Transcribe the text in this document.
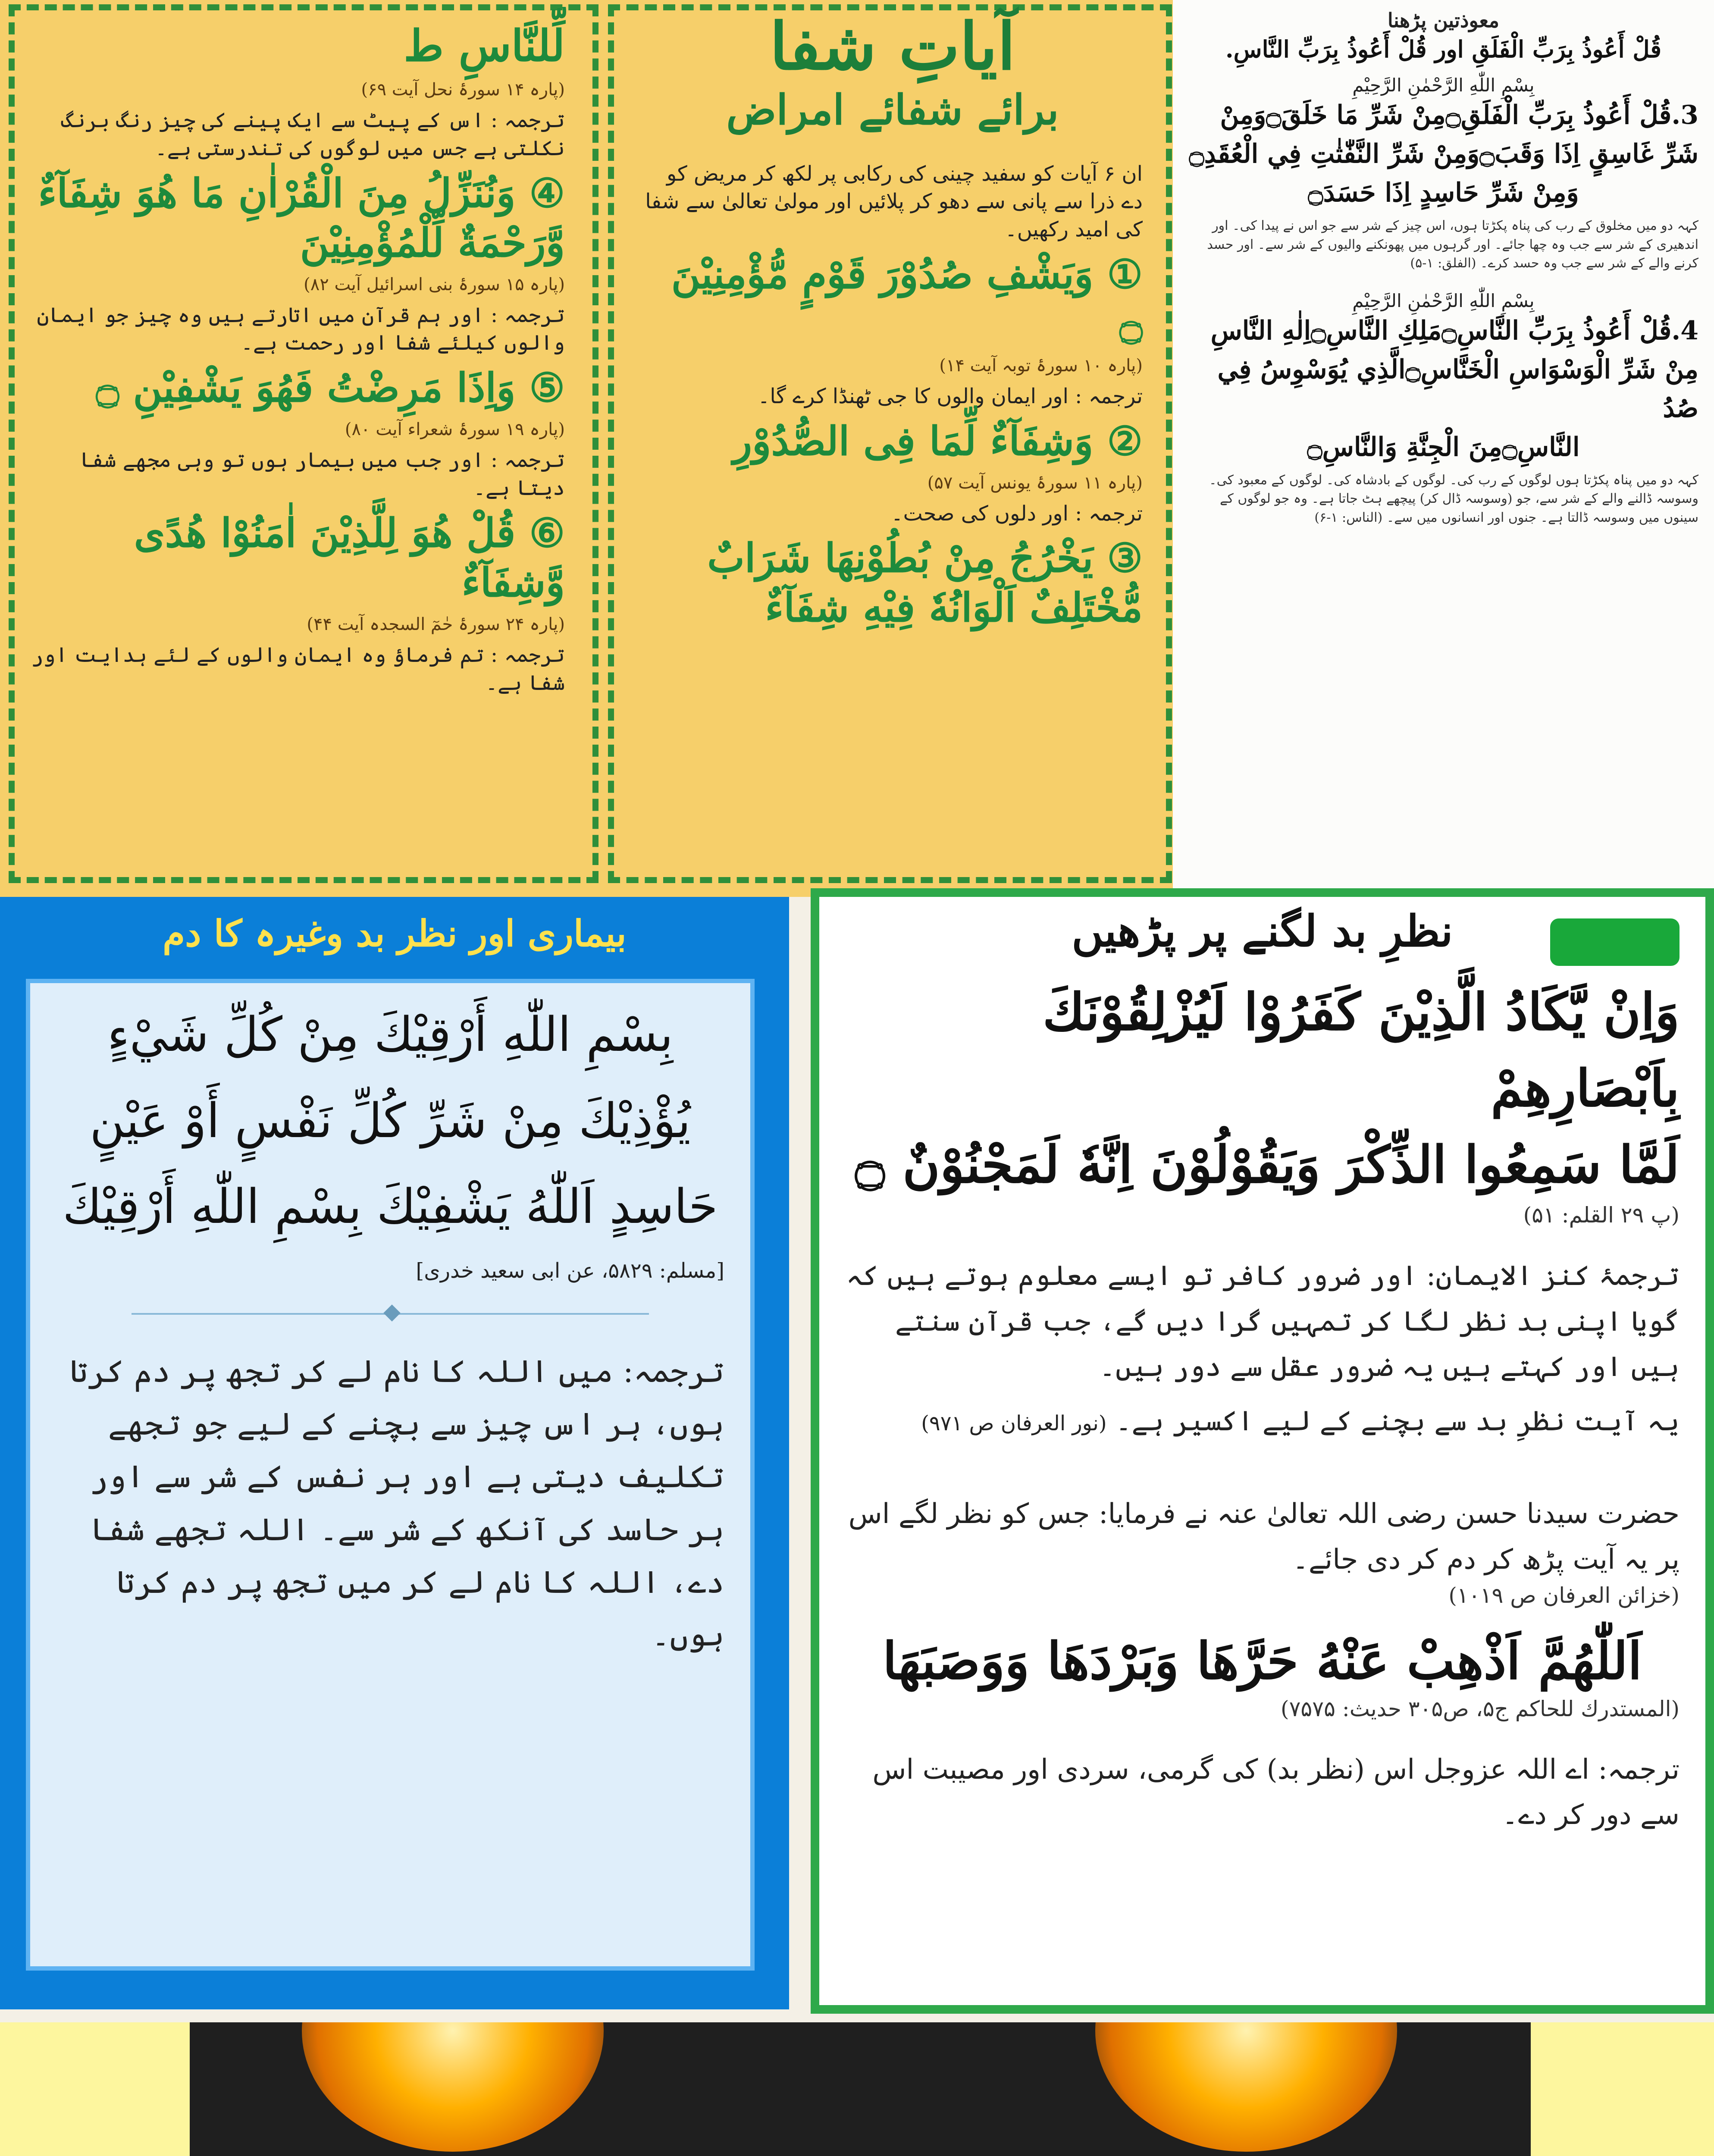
آیاتِ شفا
برائے شفائے امراض
ان ۶ آیات کو سفید چینی کی رکابی پر لکھ کر مریض کو دے ذرا سے پانی سے دھو کر پلائیں اور مولیٰ تعالیٰ سے شفا کی امید رکھیں۔
① وَیَشْفِ صُدُوْرَ قَوْمٍ مُّؤْمِنِیْنَ ۝
(پارہ ۱۰ سورۂ توبہ آیت ۱۴)
ترجمہ : اور ایمان والوں کا جی ٹھنڈا کرے گا۔
② وَشِفَآءٌ لِّمَا فِی الصُّدُوْرِ
(پارہ ۱۱ سورۂ یونس آیت ۵۷)
ترجمہ : اور دلوں کی صحت۔
③ یَخْرُجُ مِنْ بُطُوْنِهَا شَرَابٌ مُّخْتَلِفٌ اَلْوَانُهٗ فِیْهِ شِفَآءٌ
لِّلنَّاسِ ط
(پارہ ۱۴ سورۂ نحل آیت ۶۹)
ترجمہ : اس کے پیٹ سے ایک پینے کی چیز رنگ برنگ نکلتی ہے جس میں لوگوں کی تندرستی ہے۔
④ وَنُنَزِّلُ مِنَ الْقُرْاٰنِ مَا هُوَ شِفَآءٌ وَّرَحْمَةٌ لِّلْمُؤْمِنِیْنَ
(پارہ ۱۵ سورۂ بنی اسرائیل آیت ۸۲)
ترجمہ : اور ہم قرآن میں اتارتے ہیں وہ چیز جو ایمان والوں کیلئے شفا اور رحمت ہے۔
⑤ وَاِذَا مَرِضْتُ فَهُوَ یَشْفِیْنِ ۝
(پارہ ۱۹ سورۂ شعراء آیت ۸۰)
ترجمہ : اور جب میں بیمار ہوں تو وہی مجھے شفا دیتا ہے۔
⑥ قُلْ هُوَ لِلَّذِیْنَ اٰمَنُوْا هُدًی وَّشِفَآءٌ
(پارہ ۲۴ سورۂ حٰمٓ السجدہ آیت ۴۴)
ترجمہ : تم فرماؤ وہ ایمان والوں کے لئے ہدایت اور شفا ہے۔
معوذتین پڑھنا
قُلْ أَعُوذُ بِرَبِّ الْفَلَقِ اور قُلْ أَعُوذُ بِرَبِّ النَّاسِ.
بِسْمِ اللّٰهِ الرَّحْمٰنِ الرَّحِيْمِ
3.قُلْ أَعُوذُ بِرَبِّ الْفَلَقِ۝مِنْ شَرِّ مَا خَلَقَ۝وَمِنْ
شَرِّ غَاسِقٍ اِذَا وَقَبَ۝وَمِنْ شَرِّ النَّفّٰثٰتِ فِي الْعُقَدِ۝
وَمِنْ شَرِّ حَاسِدٍ اِذَا حَسَدَ۝
کہہ دو میں مخلوق کے رب کی پناہ پکڑتا ہوں، اس چیز کے شر سے جو اس نے پیدا کی۔ اور اندھیری کے شر سے جب وہ چھا جائے۔ اور گرہوں میں پھونکنے والیوں کے شر سے۔ اور حسد کرنے والے کے شر سے جب وہ حسد کرے۔ (الفلق: ۱-۵)
بِسْمِ اللّٰهِ الرَّحْمٰنِ الرَّحِيْمِ
4.قُلْ أَعُوذُ بِرَبِّ النَّاسِ۝مَلِكِ النَّاسِ۝اِلٰهِ النَّاسِ
مِنْ شَرِّ الْوَسْوَاسِ الْخَنَّاسِ۝الَّذِي يُوَسْوِسُ فِي صُدُ
النَّاسِ۝مِنَ الْجِنَّةِ وَالنَّاسِ۝
کہہ دو میں پناہ پکڑتا ہوں لوگوں کے رب کی۔ لوگوں کے بادشاہ کی۔ لوگوں کے معبود کی۔ وسوسہ ڈالنے والے کے شر سے، جو (وسوسہ ڈال کر) پیچھے ہٹ جاتا ہے۔ وہ جو لوگوں کے سینوں میں وسوسہ ڈالتا ہے۔ جنوں اور انسانوں میں سے۔ (الناس: ۱-۶)
بیماری اور نظر بد وغیرہ کا دم
بِسْمِ اللّٰهِ أَرْقِيْكَ مِنْ كُلِّ شَيْءٍ
يُؤْذِيْكَ مِنْ شَرِّ كُلِّ نَفْسٍ أَوْ عَيْنٍ
حَاسِدٍ اَللّٰهُ يَشْفِيْكَ بِسْمِ اللّٰهِ أَرْقِيْكَ
[مسلم: ۵۸۲۹، عن ابی سعید خدری]
ترجمہ: میں اللہ کا نام لے کر تجھ پر دم کرتا ہوں، ہر اس چیز سے بچنے کے لیے جو تجھے تکلیف دیتی ہے اور ہر نفس کے شر سے اور ہر حاسد کی آنکھ کے شر سے۔ اللہ تجھے شفا دے، اللہ کا نام لے کر میں تجھ پر دم کرتا ہوں۔
نظرِ بد لگنے پر پڑھیں
وَاِنْ يَّكَادُ الَّذِيْنَ كَفَرُوْا لَيُزْلِقُوْنَكَ بِاَبْصَارِهِمْ
لَمَّا سَمِعُوا الذِّكْرَ وَيَقُوْلُوْنَ اِنَّهٗ لَمَجْنُوْنٌ ۝
(پ ۲۹ القلم: ۵۱)
ترجمۂ کنز الایمان: اور ضرور کافر تو ایسے معلوم ہوتے ہیں کہ گویا اپنی بد نظر لگا کر تمہیں گرا دیں گے، جب قرآن سنتے ہیں اور کہتے ہیں یہ ضرور عقل سے دور ہیں۔
یہ آیت نظرِ بد سے بچنے کے لیے اکسیر ہے۔ (نور العرفان ص ۹۷۱)
حضرت سیدنا حسن رضی اللہ تعالیٰ عنہ نے فرمایا: جس کو نظر لگے اس پر یہ آیت پڑھ کر دم کر دی جائے۔
(خزائن العرفان ص ۱۰۱۹)
اَللّٰهُمَّ اَذْهِبْ عَنْهُ حَرَّهَا وَبَرْدَهَا وَوَصَبَهَا
(المستدرك للحاكم ج۵، ص۳۰۵ حدیث: ۷۵۷۵)
ترجمہ: اے اللہ عزوجل اس (نظر بد) کی گرمی، سردی اور مصیبت اس سے دور کر دے۔
